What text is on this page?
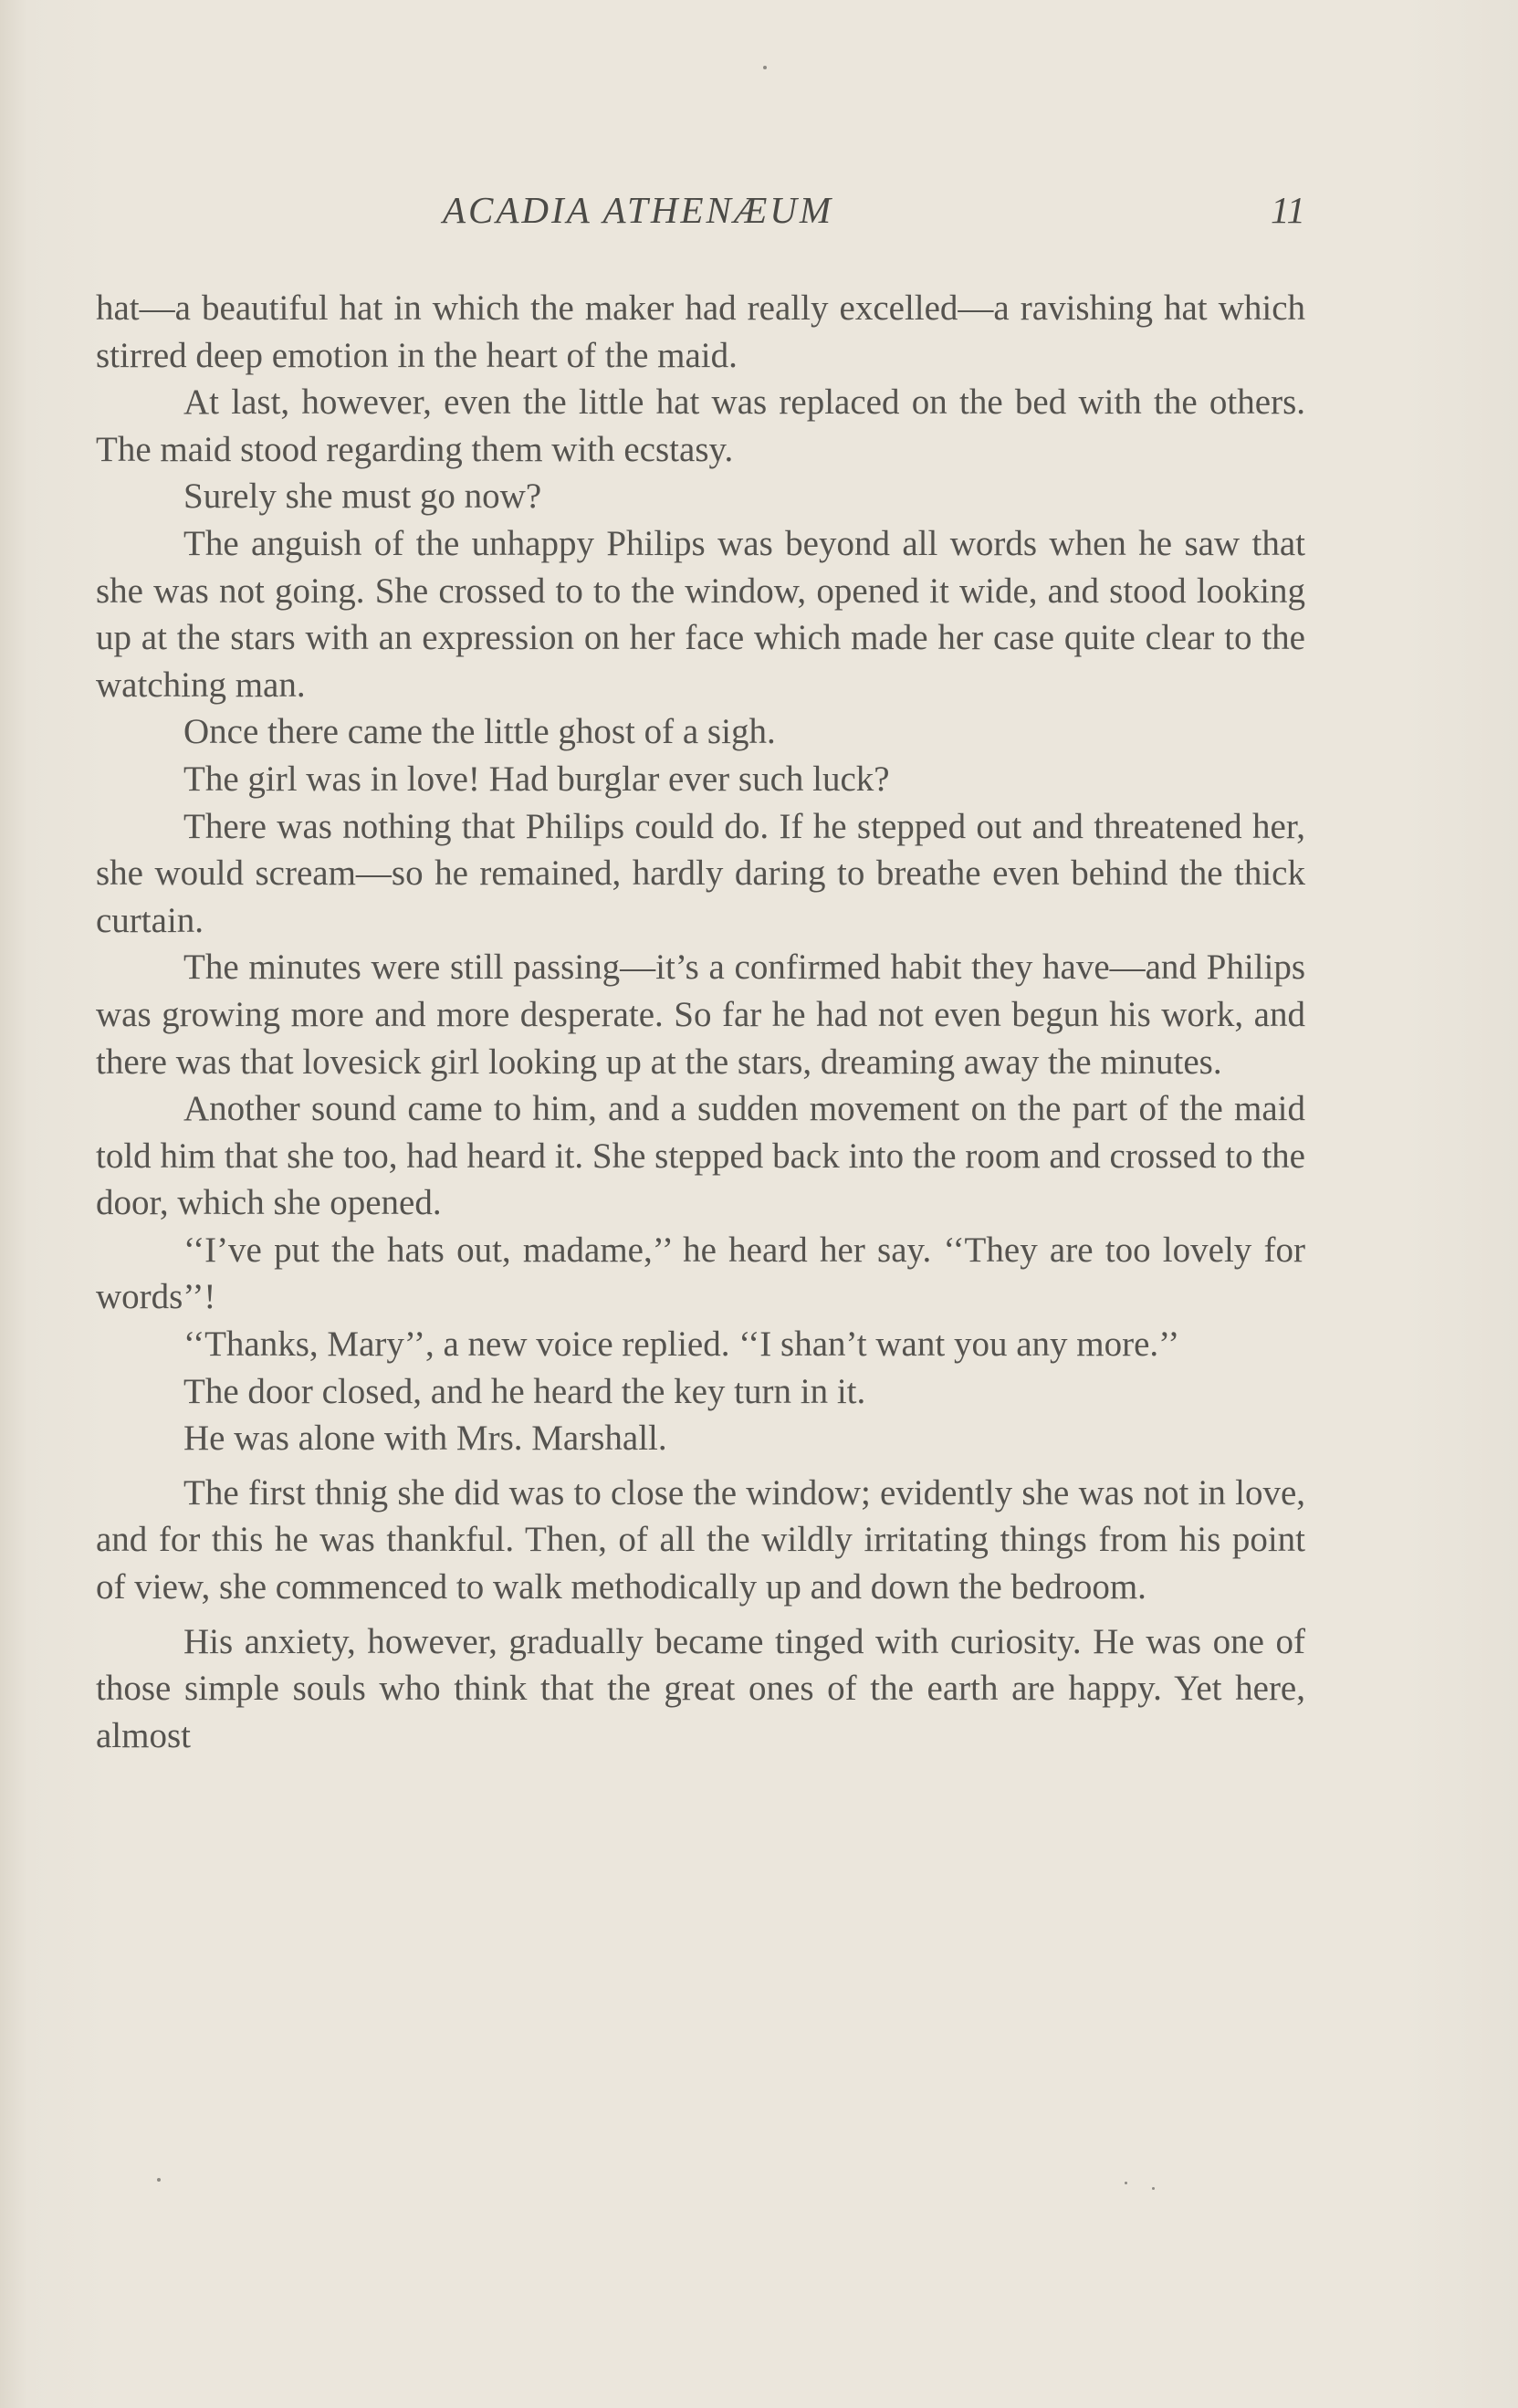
ACADIA ATHENÆUM	11

hat—a beautiful hat in which the maker had really excelled—a ravishing hat which stirred deep emotion in the heart of the maid.

At last, however, even the little hat was replaced on the bed with the others. The maid stood regarding them with ecstasy.

Surely she must go now?

The anguish of the unhappy Philips was beyond all words when he saw that she was not going. She crossed to to the window, opened it wide, and stood looking up at the stars with an expression on her face which made her case quite clear to the watching man.

Once there came the little ghost of a sigh.

The girl was in love! Had burglar ever such luck?

There was nothing that Philips could do. If he stepped out and threatened her, she would scream—so he remained, hardly daring to breathe even behind the thick curtain.

The minutes were still passing—it’s a confirmed habit they have—and Philips was growing more and more desperate. So far he had not even begun his work, and there was that lovesick girl looking up at the stars, dreaming away the minutes.

Another sound came to him, and a sudden movement on the part of the maid told him that she too, had heard it. She stepped back into the room and crossed to the door, which she opened.

‘‘I’ve put the hats out, madame,’’ he heard her say. ‘‘They are too lovely for words’’!

‘‘Thanks, Mary’’, a new voice replied. ‘‘I shan’t want you any more.’’

The door closed, and he heard the key turn in it.

He was alone with Mrs. Marshall.

The first thnig she did was to close the window; evidently she was not in love, and for this he was thankful. Then, of all the wildly irritating things from his point of view, she commenced to walk methodically up and down the bedroom.

His anxiety, however, gradually became tinged with curiosity. He was one of those simple souls who think that the great ones of the earth are happy. Yet here, almost
